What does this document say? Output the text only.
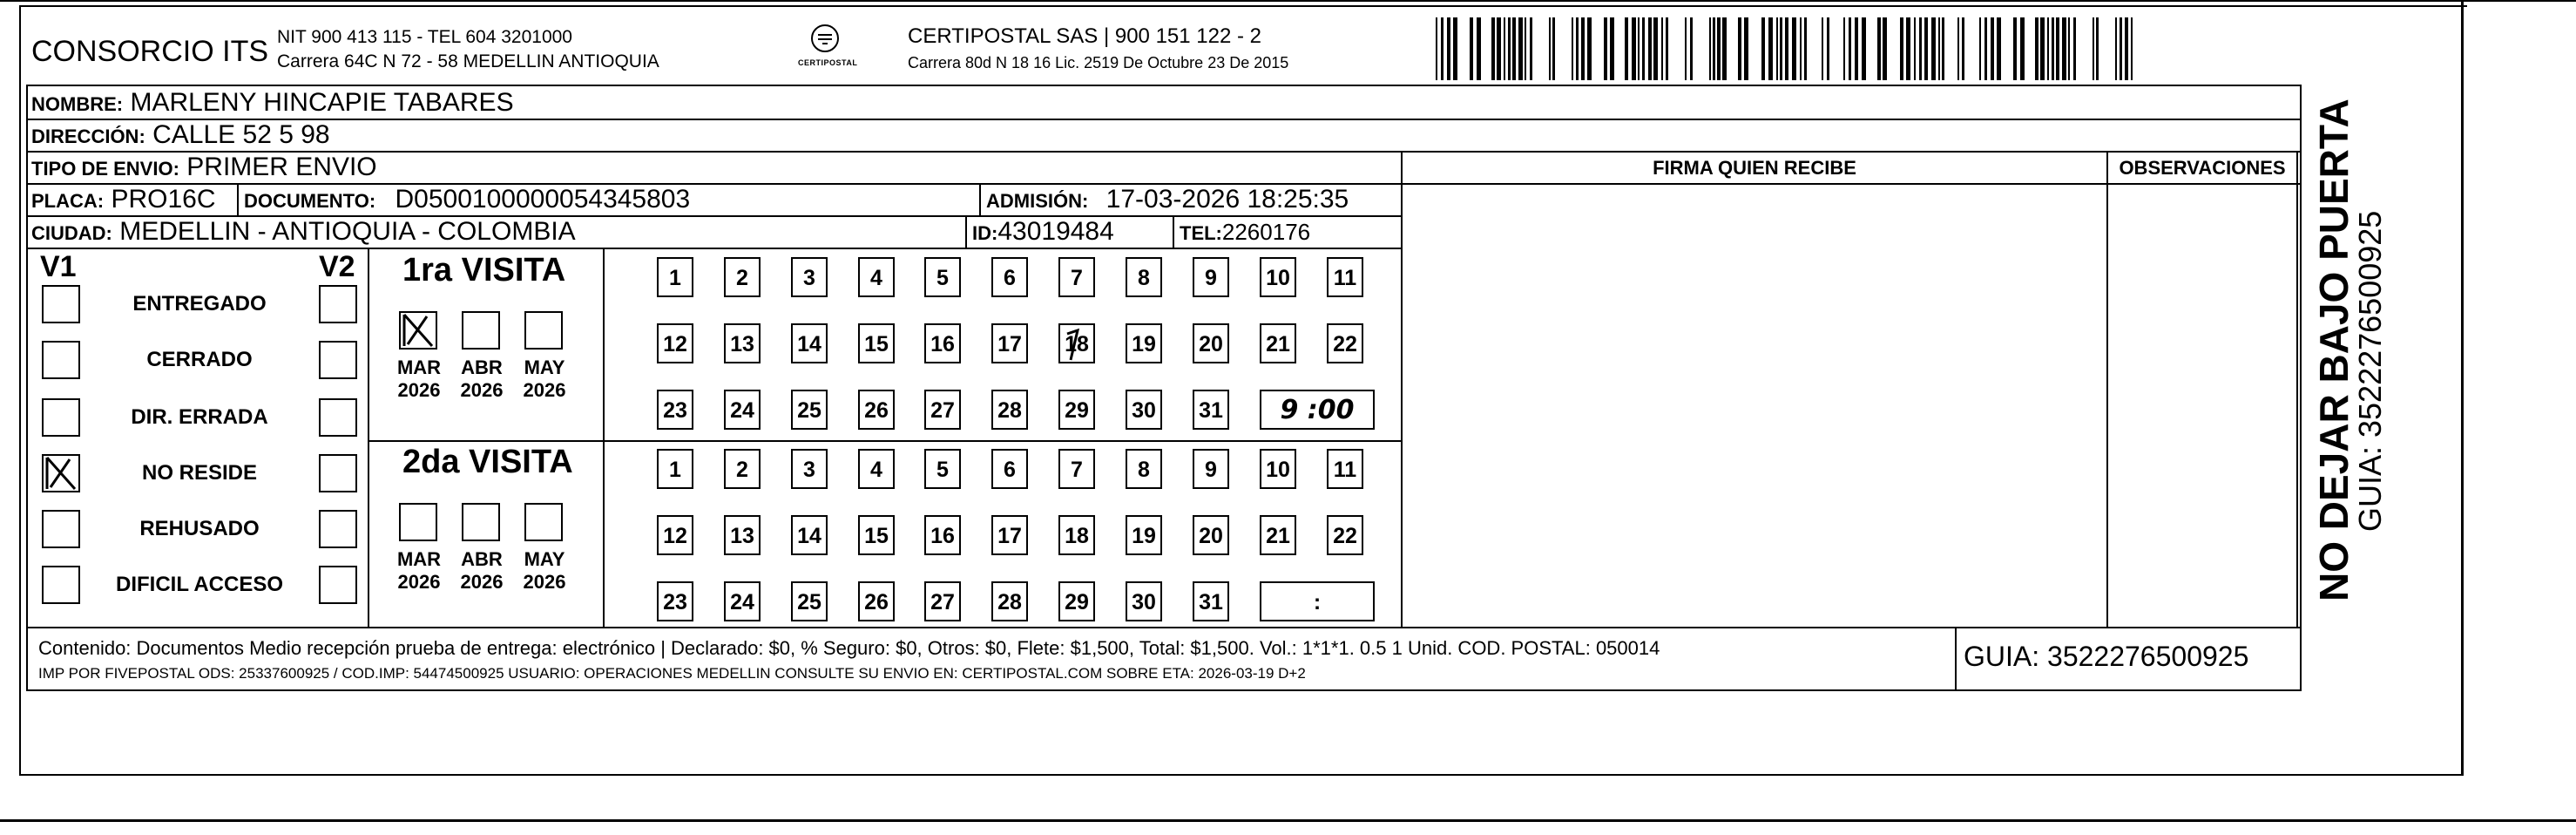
CONSORCIO ITS NIT 900 413 115 - TEL 604 3201000
Carrera 64C N 72 - 58 MEDELLIN ANTIOQUIA	CERTIPOSTAL
CERTIPOSTAL SAS | 900 151 122 - 2
Carrera 80d N 18 16 Lic. 2519 De Octubre 23 De 2015
NOMBRE: MARLENY HINCAPIE TABARES
DIRECCIÓN: CALLE 52 5 98
TIPO DE ENVIO: PRIMER ENVIO
PLACA: PRO16C DOCUMENTO: D0500100000054345803	ADMISIÓN: 17-03-2026 18:25:35
CIUDAD: MEDELLIN - ANTIOQUIA - COLOMBIA	ID:43019484	TEL:2260176
FIRMA QUIEN RECIBE	OBSERVACIONES
V1	V2
ENTREGADO
CERRADO
DIR. ERRADA
NO RESIDE
REHUSADO
DIFICIL ACCESO
1ra VISITA
MAR
2026
ABR
2026
MAY
2026
1	2	3	4	5	6	7	8	9	10	11
12 13 14 15 16 17 18 19 20 21 22
23 24 25 26 27 28 29 30 31	9 :00
2da VISITA
MAR
2026
ABR
2026
MAY
2026
1	2	3	4	5	6	7	8	9	10	11
12 13 14 15 16 17 18 19 20 21 22
23 24 25 26 27 28 29 30 31	:
Contenido: Documentos Medio recepción prueba de entrega: electrónico | Declarado: $0, % Seguro: $0, Otros: $0, Flete: $1,500, Total: $1,500. Vol.: 1*1*1. 0.5 1 Unid. COD. POSTAL: 050014
IMP POR FIVEPOSTAL ODS: 25337600925 / COD.IMP: 54474500925 USUARIO: OPERACIONES MEDELLIN CONSULTE SU ENVIO EN: CERTIPOSTAL.COM SOBRE ETA: 2026-03-19 D+2
GUIA: 3522276500925
NO DEJAR BAJO PUERTA
GUIA: 3522276500925
